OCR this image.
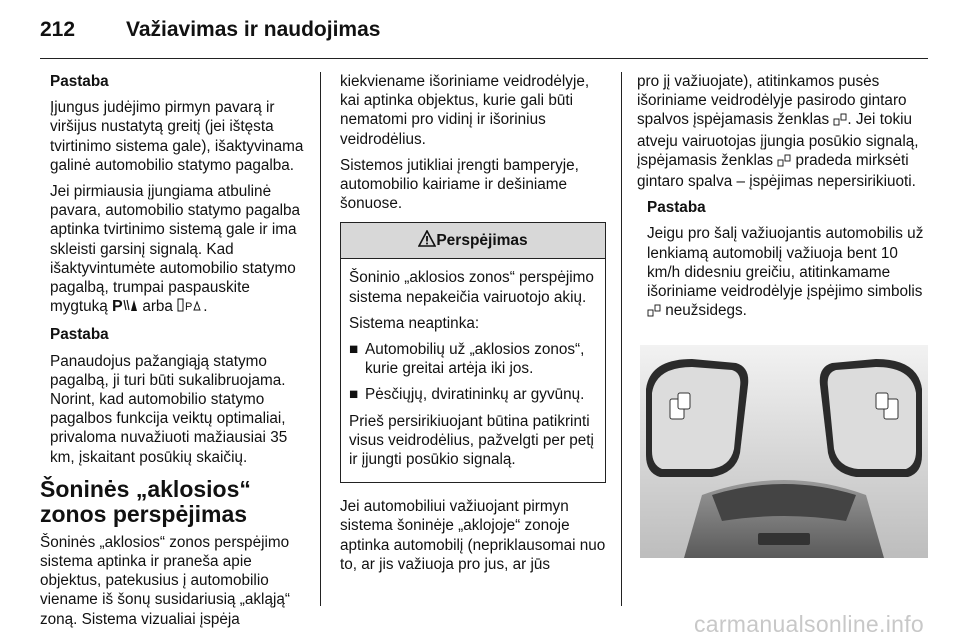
212 Važiavimas ir naudojimas

Pastaba

Įjungus judėjimo pirmyn pavarą ir viršijus nustatytą greitį (jei ištęsta tvirtinimo sistema gale), išaktyvinama galinė automobilio statymo pagalba.

Jei pirmiausia įjungiama atbulinė pavara, automobilio statymo pagalba aptinka tvirtinimo sistemą gale ir ima skleisti garsinį signalą. Kad išaktyvintumėte automobilio statymo pagalbą, trumpai paspauskite mygtuką P arba P .

Pastaba

Panaudojus pažangiąją statymo pagalbą, ji turi būti sukalibruojama. Norint, kad automobilio statymo pagalbos funkcija veiktų optimaliai, privaloma nuvažiuoti mažiausiai 35 km, įskaitant posūkių skaičių.

Šoninės „aklosios“ zonos perspėjimas

Šoninės „aklosios“ zonos perspėjimo sistema aptinka ir praneša apie objektus, patekusius į automobilio viename iš šonų susidariusią „akląją“ zoną. Sistema vizualiai įspėja

kiekviename išoriniame veidrodėlyje, kai aptinka objektus, kurie gali būti nematomi pro vidinį ir išorinius veidrodėlius.

Sistemos jutikliai įrengti bamperyje, automobilio kairiame ir dešiniame šonuose.

Perspėjimas

Šoninio „aklosios zonos“ perspėjimo sistema nepakeičia vairuotojo akių.

Sistema neaptinka:

■ Automobilių už „aklosios zonos“, kurie greitai artėja iki jos.
■ Pėsčiųjų, dviratininkų ar gyvūnų.

Prieš persirikiuojant būtina patikrinti visus veidrodėlius, pažvelgti per petį ir įjungti posūkio signalą.

Jei automobiliui važiuojant pirmyn sistema šoninėje „aklojoje“ zonoje aptinka automobilį (nepriklausomai nuo to, ar jis važiuoja pro jus, ar jūs

pro jį važiuojate), atitinkamos pusės išoriniame veidrodėlyje pasirodo gintaro spalvos įspėjamasis ženklas . Jei tokiu atveju vairuotojas įjungia posūkio signalą, įspėjamasis ženklas pradeda mirksėti gintaro spalva – įspėjimas nepersirikiuoti.

Pastaba

Jeigu pro šalį važiuojantis automobilis už lenkiamą automobilį važiuoja bent 10 km/h didesniu greičiu, atitinkamame išoriniame veidrodėlyje įspėjimo simbolis  neužsidegs.

carmanualsonline.info
